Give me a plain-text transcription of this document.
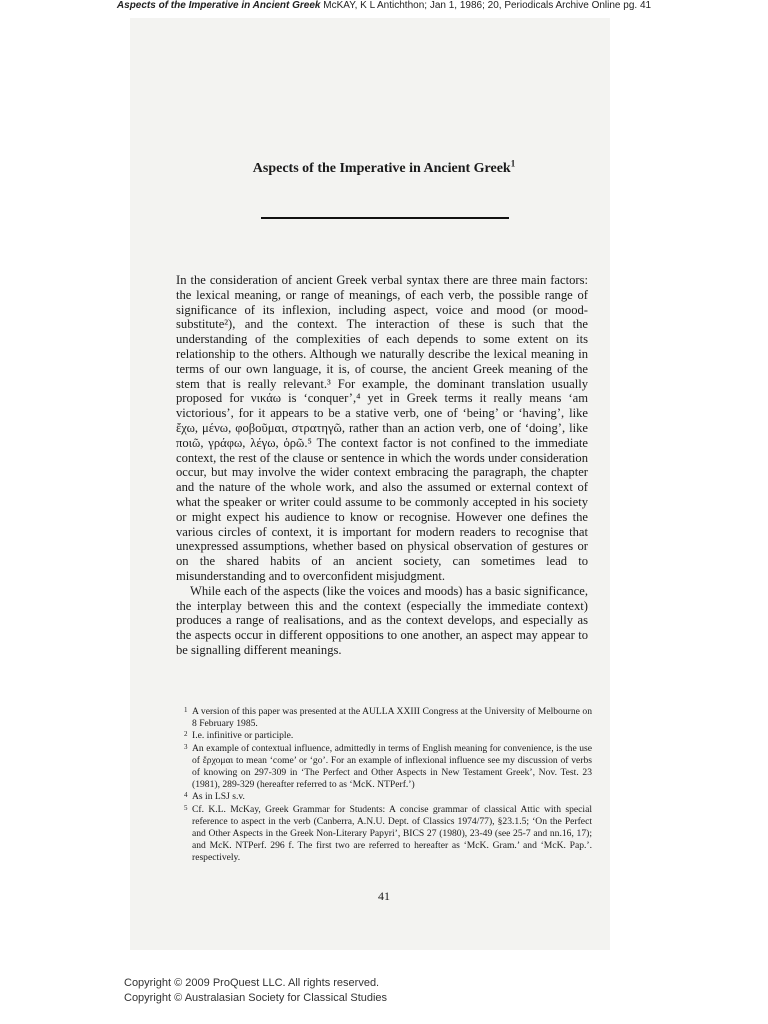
Aspects of the Imperative in Ancient Greek McKAY, K L Antichthon; Jan 1, 1986; 20, Periodicals Archive Online pg. 41
Aspects of the Imperative in Ancient Greek$^1$

In the consideration of ancient Greek verbal syntax there are three main factors: the lexical meaning, or range of meanings, of each verb, the possible range of significance of its inflexion, including aspect, voice and mood (or mood-substitute²), and the context. The interaction of these is such that the understanding of the complexities of each depends to some extent on its relationship to the others. Although we naturally describe the lexical meaning in terms of our own language, it is, of course, the ancient Greek meaning of the stem that is really relevant.³ For example, the dominant translation usually proposed for νικάω is ‘conquer’,⁴ yet in Greek terms it really means ‘am victorious’, for it appears to be a stative verb, one of ‘being’ or ‘having’, like ἔχω, μένω, φοβοῦμαι, στρατηγῶ, rather than an action verb, one of ‘doing’, like ποιῶ, γράφω, λέγω, ὁρῶ.⁵ The context factor is not confined to the immediate context, the rest of the clause or sentence in which the words under consideration occur, but may involve the wider context embracing the paragraph, the chapter and the nature of the whole work, and also the assumed or external context of what the speaker or writer could assume to be commonly accepted in his society or might expect his audience to know or recognise. However one defines the various circles of context, it is important for modern readers to recognise that unexpressed assumptions, whether based on physical observation of gestures or on the shared habits of an ancient society, can sometimes lead to misunderstanding and to overconfident misjudgment.

While each of the aspects (like the voices and moods) has a basic significance, the interplay between this and the context (especially the immediate context) produces a range of realisations, and as the context develops, and especially as the aspects occur in different oppositions to one another, an aspect may appear to be signalling different meanings.

1 A version of this paper was presented at the AULLA XXIII Congress at the University of Melbourne on 8 February 1985.

2 I.e. infinitive or participle.

3 An example of contextual influence, admittedly in terms of English meaning for convenience, is the use of ἔρχομαι to mean ‘come’ or ‘go’. For an example of inflexional influence see my discussion of verbs of knowing on 297-309 in ‘The Perfect and Other Aspects in New Testament Greek’, Nov. Test. 23 (1981), 289-329 (hereafter referred to as ‘McK. NTPerf.’)

4 As in LSJ s.v.

5 Cf. K.L. McKay, Greek Grammar for Students: A concise grammar of classical Attic with special reference to aspect in the verb (Canberra, A.N.U. Dept. of Classics 1974/77), §23.1.5; ‘On the Perfect and Other Aspects in the Greek Non-Literary Papyri’, BICS 27 (1980), 23-49 (see 25-7 and nn.16, 17); and McK. NTPerf. 296 f. The first two are referred to hereafter as ‘McK. Gram.’ and ‘McK. Pap.’. respectively.

41
Copyright © 2009 ProQuest LLC. All rights reserved.
Copyright © Australasian Society for Classical Studies
